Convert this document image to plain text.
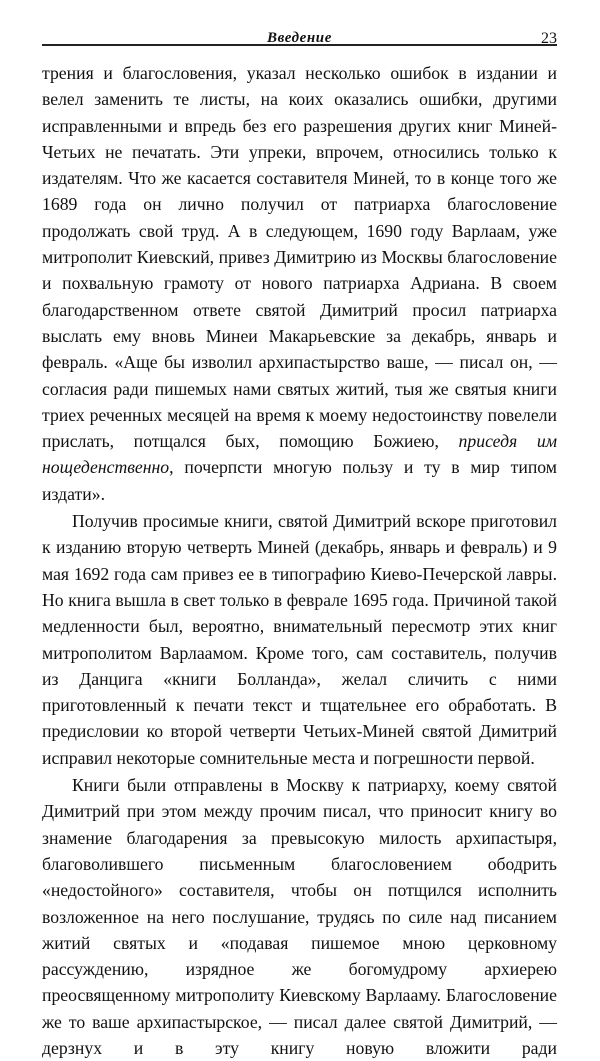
Введение	23

трения и благословения, указал несколько ошибок в издании и велел заменить те листы, на коих оказались ошибки, другими исправленными и впредь без его разрешения других книг Миней-Четьих не печатать. Эти упреки, впрочем, относились только к издателям. Что же касается составителя Миней, то в конце того же 1689 года он лично получил от патриарха благословение продолжать свой труд. А в следующем, 1690 году Варлаам, уже митрополит Киевский, привез Димитрию из Москвы благословение и похвальную грамоту от нового патриарха Адриана. В своем благодарственном ответе святой Димитрий просил патриарха выслать ему вновь Минеи Макарьевские за декабрь, январь и февраль. «Аще бы изволил архипастырство ваше, — писал он, — согласия ради пишемых нами святых житий, тыя же святыя книги триех реченных месяцей на время к моему недостоинству повелели прислать, потщался бых, помощию Божиею, приседя им нощеденственно, почерпсти многую пользу и ту в мир типом издати».

Получив просимые книги, святой Димитрий вскоре приготовил к изданию вторую четверть Миней (декабрь, январь и февраль) и 9 мая 1692 года сам привез ее в типографию Киево-Печерской лавры. Но книга вышла в свет только в феврале 1695 года. Причиной такой медленности был, вероятно, внимательный пересмотр этих книг митрополитом Варлаамом. Кроме того, сам составитель, получив из Данцига «книги Болланда», желал сличить с ними приготовленный к печати текст и тщательнее его обработать. В предисловии ко второй четверти Четьих-Миней святой Димитрий исправил некоторые сомнительные места и погрешности первой.

Книги были отправлены в Москву к патриарху, коему святой Димитрий при этом между прочим писал, что приносит книгу во знамение благодарения за превысокую милость архипастыря, благоволившего письменным благословением ободрить «недостойного» составителя, чтобы он потщился исполнить возложенное на него послушание, трудясь по силе над писанием житий святых и «подавая пишемое мною церковному рассуждению, изрядное же богомудрому архиерею преосвященному митрополиту Киевскому Варлааму. Благословение же то ваше архипастырское, — писал далее святой Димитрий, — дерзнух и в эту книгу новую вложити ради
